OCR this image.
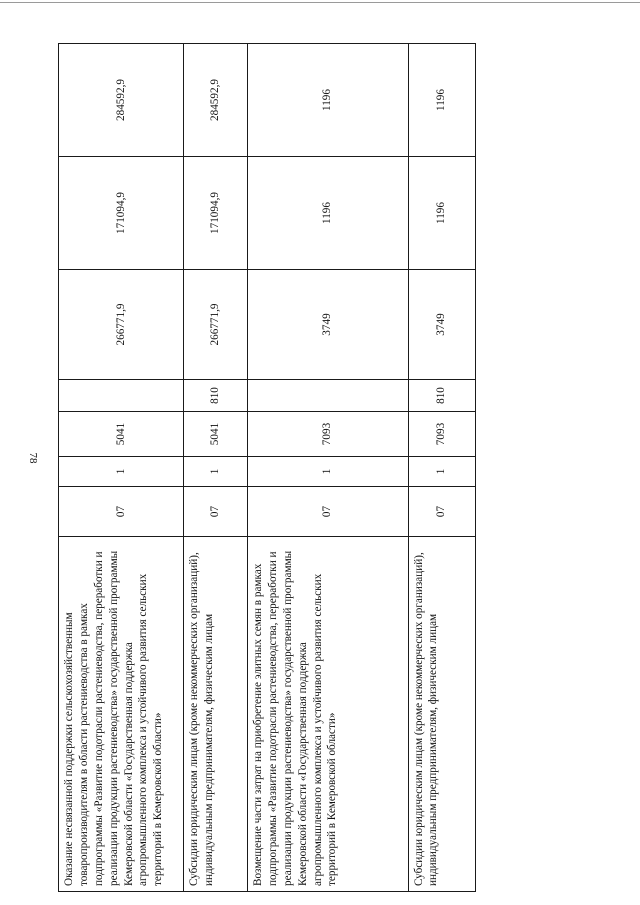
78
Оказание несвязанной поддержки сельскохозяйственным товаропроизводителям в области растениеводства в рамках подпрограммы «Развитие подотрасли растениеводства, переработки и реализации продукции растениеводства» государственной программы Кемеровской области «Государственная поддержка агропромышленного комплекса и устойчивого развития сельских территорий в Кемеровской области»	07	1	5041		266771,9	171094,9	284592,9
Субсидии юридическим лицам (кроме некоммерческих организаций), индивидуальным предпринимателям, физическим лицам	07	1	5041	810	266771,9	171094,9	284592,9
Возмещение части затрат на приобретение элитных семян в рамках подпрограммы «Развитие подотрасли растениеводства, переработки и реализации продукции растениеводства» государственной программы Кемеровской области «Государственная поддержка агропромышленного комплекса и устойчивого развития сельских территорий в Кемеровской области»	07	1	7093		3749	1196	1196
Субсидии юридическим лицам (кроме некоммерческих организаций), индивидуальным предпринимателям, физическим лицам	07	1	7093	810	3749	1196	1196
